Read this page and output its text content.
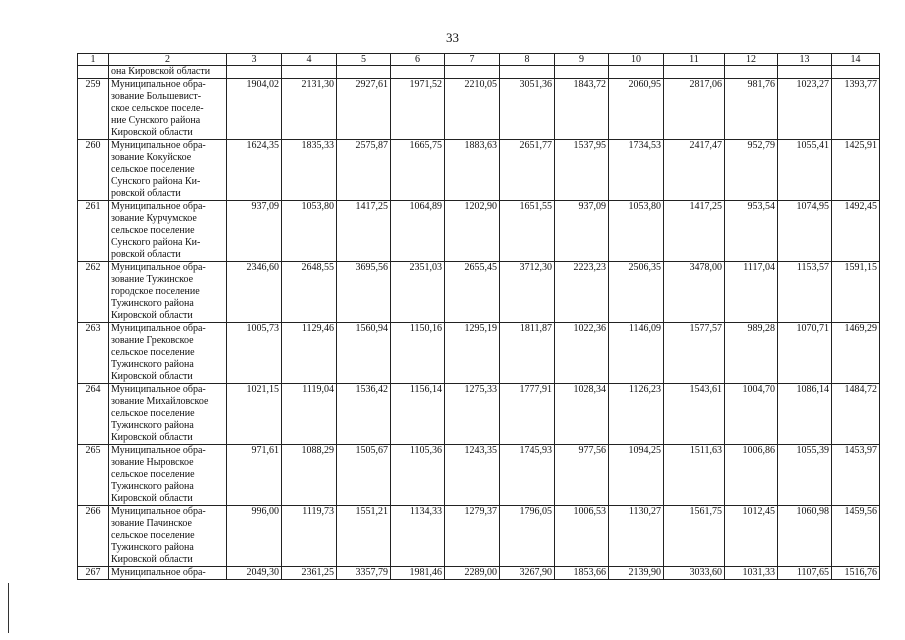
33
1	2	3	4	5	6	7	8	9	10	11	12	13	14
	она Кировской области												
259	Муниципальное обра-
зование Большевист-
ское сельское поселе-
ние Сунского района
Кировской области	1904,02	2131,30	2927,61	1971,52	2210,05	3051,36	1843,72	2060,95	2817,06	981,76	1023,27	1393,77
260	Муниципальное обра-
зование Кокуйское
сельское поселение
Сунского района Ки-
ровской области	1624,35	1835,33	2575,87	1665,75	1883,63	2651,77	1537,95	1734,53	2417,47	952,79	1055,41	1425,91
261	Муниципальное обра-
зование Курчумское
сельское поселение
Сунского района Ки-
ровской области	937,09	1053,80	1417,25	1064,89	1202,90	1651,55	937,09	1053,80	1417,25	953,54	1074,95	1492,45
262	Муниципальное обра-
зование Тужинское
городское поселение
Тужинского района
Кировской области	2346,60	2648,55	3695,56	2351,03	2655,45	3712,30	2223,23	2506,35	3478,00	1117,04	1153,57	1591,15
263	Муниципальное обра-
зование Грековское
сельское поселение
Тужинского района
Кировской области	1005,73	1129,46	1560,94	1150,16	1295,19	1811,87	1022,36	1146,09	1577,57	989,28	1070,71	1469,29
264	Муниципальное обра-
зование Михайловское
сельское поселение
Тужинского района
Кировской области	1021,15	1119,04	1536,42	1156,14	1275,33	1777,91	1028,34	1126,23	1543,61	1004,70	1086,14	1484,72
265	Муниципальное обра-
зование Ныровское
сельское поселение
Тужинского района
Кировской области	971,61	1088,29	1505,67	1105,36	1243,35	1745,93	977,56	1094,25	1511,63	1006,86	1055,39	1453,97
266	Муниципальное обра-
зование Пачинское
сельское поселение
Тужинского района
Кировской области	996,00	1119,73	1551,21	1134,33	1279,37	1796,05	1006,53	1130,27	1561,75	1012,45	1060,98	1459,56
267	Муниципальное обра-	2049,30	2361,25	3357,79	1981,46	2289,00	3267,90	1853,66	2139,90	3033,60	1031,33	1107,65	1516,76
